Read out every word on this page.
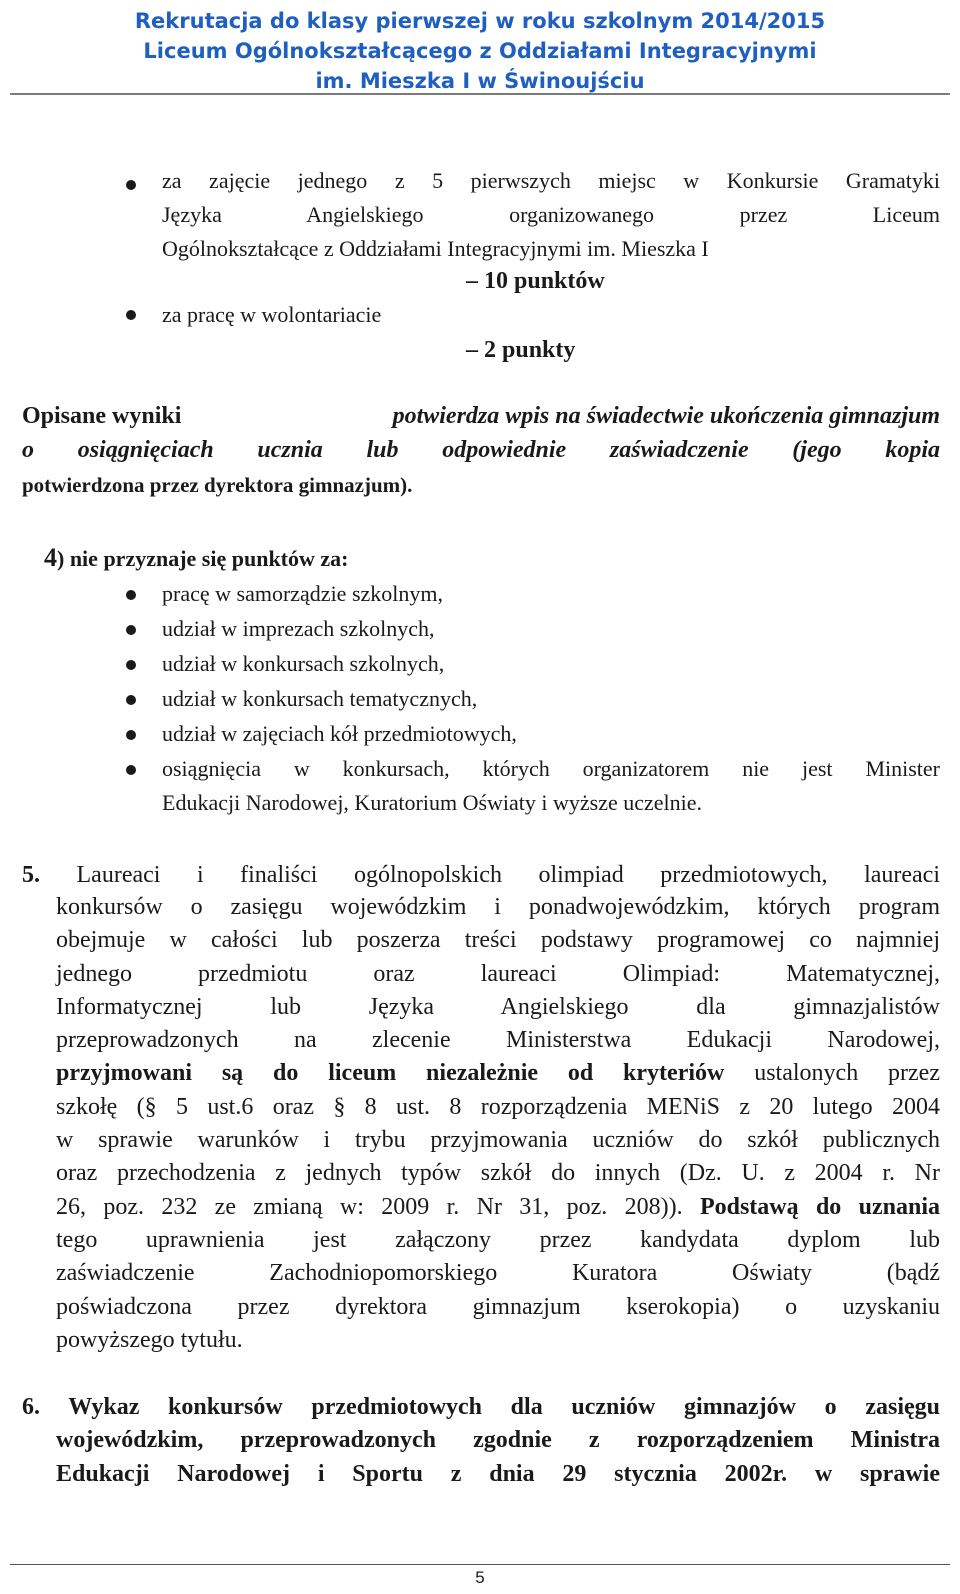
Rekrutacja do klasy pierwszej w roku szkolnym 2014/2015
Liceum Ogólnokształcącego z Oddziałami Integracyjnymi
im. Mieszka I w Świnoujściu
za zajęcie jednego z 5 pierwszych miejsc w Konkursie Gramatyki
Języka Angielskiego organizowanego przez Liceum
Ogólnokształcące z Oddziałami Integracyjnymi im. Mieszka I
– 10 punktów
za pracę w wolontariacie
– 2 punkty
Opisane wyniki	potwierdza wpis na świadectwie ukończenia gimnazjum
o osiągnięciach ucznia lub odpowiednie zaświadczenie (jego kopia
potwierdzona przez dyrektora gimnazjum).
4) nie przyznaje się punktów za:
pracę w samorządzie szkolnym,
udział w imprezach szkolnych,
udział w konkursach szkolnych,
udział w konkursach tematycznych,
udział w zajęciach kół przedmiotowych,
osiągnięcia w konkursach, których organizatorem nie jest Minister
Edukacji Narodowej, Kuratorium Oświaty i wyższe uczelnie.
5. Laureaci i finaliści ogólnopolskich olimpiad przedmiotowych, laureaci
konkursów o zasięgu wojewódzkim i ponadwojewódzkim, których program
obejmuje w całości lub poszerza treści podstawy programowej co najmniej
jednego przedmiotu oraz laureaci Olimpiad: Matematycznej,
Informatycznej lub Języka Angielskiego dla gimnazjalistów
przeprowadzonych na zlecenie Ministerstwa Edukacji Narodowej,
przyjmowani są do liceum niezależnie od kryteriów ustalonych przez
szkołę (§ 5 ust.6 oraz § 8 ust. 8 rozporządzenia MENiS z 20 lutego 2004
w sprawie warunków i trybu przyjmowania uczniów do szkół publicznych
oraz przechodzenia z jednych typów szkół do innych (Dz. U. z 2004 r. Nr
26, poz. 232 ze zmianą w: 2009 r. Nr 31, poz. 208)). Podstawą do uznania
tego uprawnienia jest załączony przez kandydata dyplom lub
zaświadczenie Zachodniopomorskiego Kuratora Oświaty (bądź
poświadczona przez dyrektora gimnazjum kserokopia) o uzyskaniu
powyższego tytułu.
6. Wykaz konkursów przedmiotowych dla uczniów gimnazjów o zasięgu
wojewódzkim, przeprowadzonych zgodnie z rozporządzeniem Ministra
Edukacji Narodowej i Sportu z dnia 29 stycznia 2002r. w sprawie
5
